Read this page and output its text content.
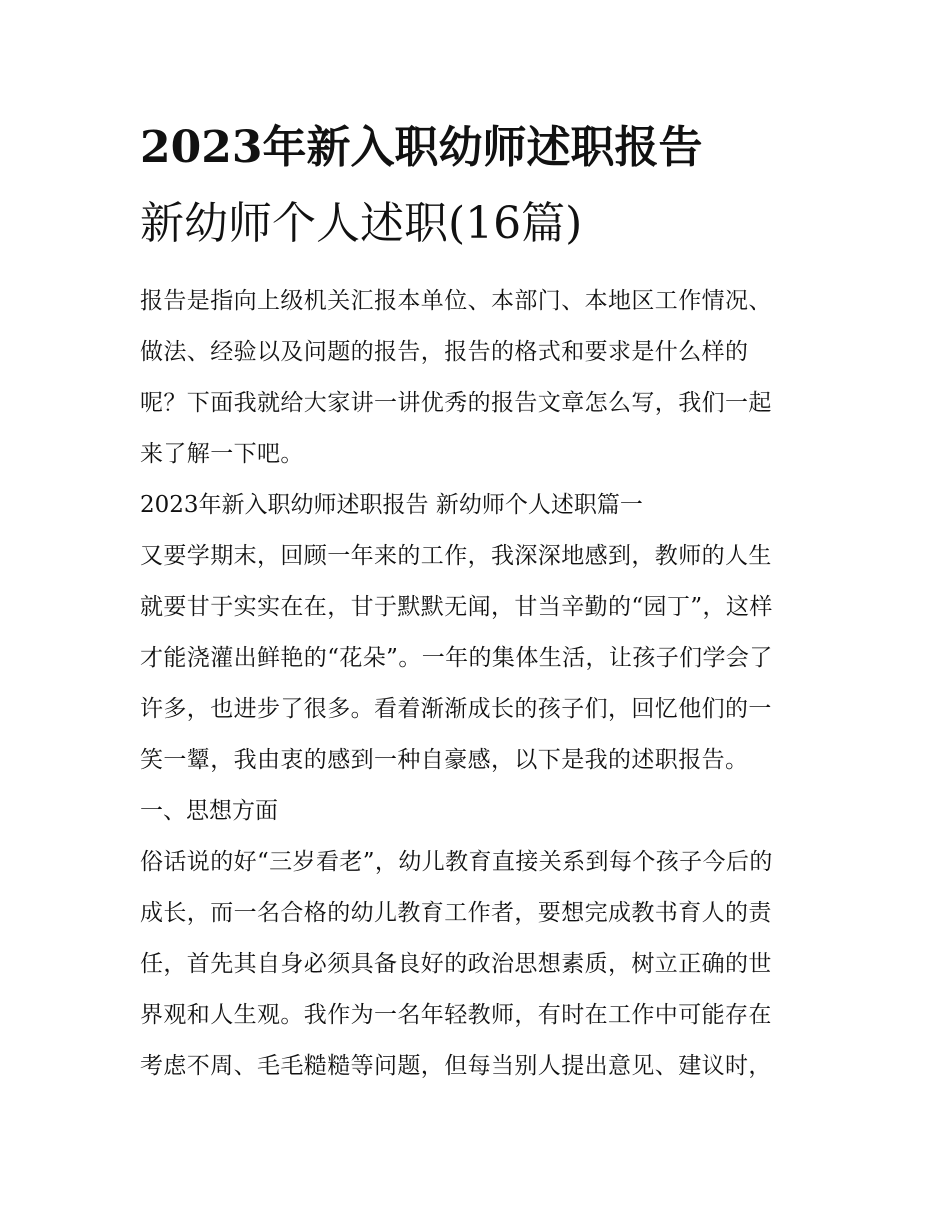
2023年新入职幼师述职报告
新幼师个人述职(16篇)

报告是指向上级机关汇报本单位、本部门、本地区工作情况、
做法、经验以及问题的报告，报告的格式和要求是什么样的
呢？下面我就给大家讲一讲优秀的报告文章怎么写，我们一起
来了解一下吧。

2023年新入职幼师述职报告 新幼师个人述职篇一

又要学期末，回顾一年来的工作，我深深地感到，教师的人生
就要甘于实实在在，甘于默默无闻，甘当辛勤的“园丁”，这样
才能浇灌出鲜艳的“花朵”。一年的集体生活，让孩子们学会了
许多，也进步了很多。看着渐渐成长的孩子们，回忆他们的一
笑一颦，我由衷的感到一种自豪感，以下是我的述职报告。

一、思想方面

俗话说的好“三岁看老”，幼儿教育直接关系到每个孩子今后的
成长，而一名合格的幼儿教育工作者，要想完成教书育人的责
任，首先其自身必须具备良好的政治思想素质，树立正确的世
界观和人生观。我作为一名年轻教师，有时在工作中可能存在
考虑不周、毛毛糙糙等问题，但每当别人提出意见、建议时，
